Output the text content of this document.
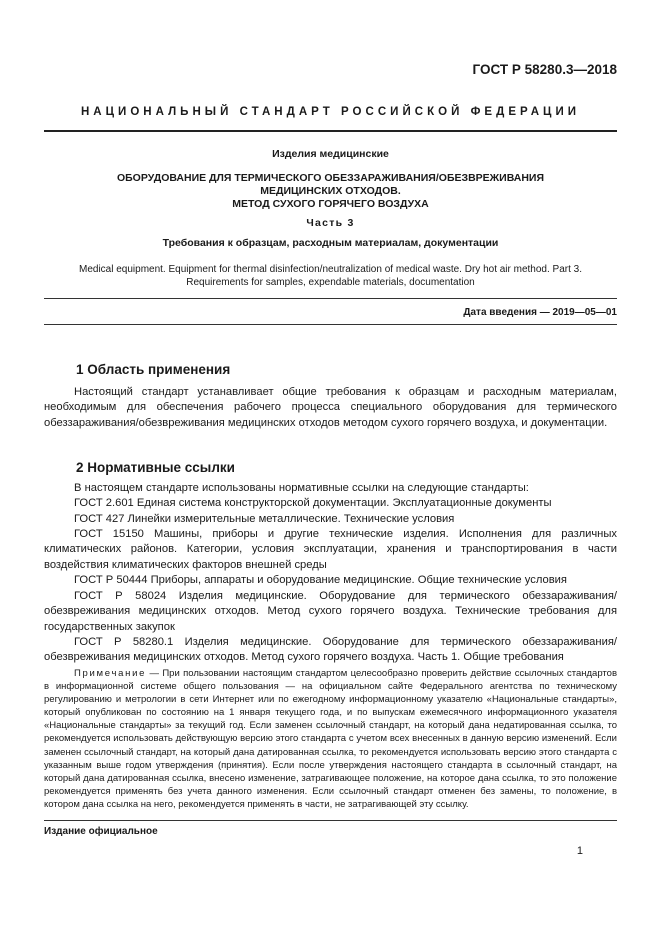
ГОСТ Р 58280.3—2018
НАЦИОНАЛЬНЫЙ СТАНДАРТ РОССИЙСКОЙ ФЕДЕРАЦИИ
Изделия медицинские
ОБОРУДОВАНИЕ ДЛЯ ТЕРМИЧЕСКОГО ОБЕЗЗАРАЖИВАНИЯ/ОБЕЗВРЕЖИВАНИЯ
МЕДИЦИНСКИХ ОТХОДОВ.
МЕТОД СУХОГО ГОРЯЧЕГО ВОЗДУХА
Часть 3
Требования к образцам, расходным материалам, документации
Medical equipment. Equipment for thermal disinfection/neutralization of medical waste. Dry hot air method. Part 3.
Requirements for samples, expendable materials, documentation
Дата введения — 2019—05—01
1 Область применения
Настоящий стандарт устанавливает общие требования к образцам и расходным материалам, необходимым для обеспечения рабочего процесса специального оборудования для термического обеззараживания/обезвреживания медицинских отходов методом сухого горячего воздуха, и документации.
2 Нормативные ссылки
В настоящем стандарте использованы нормативные ссылки на следующие стандарты:
ГОСТ 2.601 Единая система конструкторской документации. Эксплуатационные документы
ГОСТ 427 Линейки измерительные металлические. Технические условия
ГОСТ 15150 Машины, приборы и другие технические изделия. Исполнения для различных климатических районов. Категории, условия эксплуатации, хранения и транспортирования в части воздействия климатических факторов внешней среды
ГОСТ Р 50444 Приборы, аппараты и оборудование медицинские. Общие технические условия
ГОСТ Р 58024 Изделия медицинские. Оборудование для термического обеззараживания/обезвреживания медицинских отходов. Метод сухого горячего воздуха. Технические требования для государственных закупок
ГОСТ Р 58280.1 Изделия медицинские. Оборудование для термического обеззараживания/обезвреживания медицинских отходов. Метод сухого горячего воздуха. Часть 1. Общие требования
Примечание — При пользовании настоящим стандартом целесообразно проверить действие ссылочных стандартов в информационной системе общего пользования — на официальном сайте Федерального агентства по техническому регулированию и метрологии в сети Интернет или по ежегодному информационному указателю «Национальные стандарты», который опубликован по состоянию на 1 января текущего года, и по выпускам ежемесячного информационного указателя «Национальные стандарты» за текущий год. Если заменен ссылочный стандарт, на который дана недатированная ссылка, то рекомендуется использовать действующую версию этого стандарта с учетом всех внесенных в данную версию изменений. Если заменен ссылочный стандарт, на который дана датированная ссылка, то рекомендуется использовать версию этого стандарта с указанным выше годом утверждения (принятия). Если после утверждения настоящего стандарта в ссылочный стандарт, на который дана датированная ссылка, внесено изменение, затрагивающее положение, на которое дана ссылка, то это положение рекомендуется применять без учета данного изменения. Если ссылочный стандарт отменен без замены, то положение, в котором дана ссылка на него, рекомендуется применять в части, не затрагивающей эту ссылку.
Издание официальное
1
